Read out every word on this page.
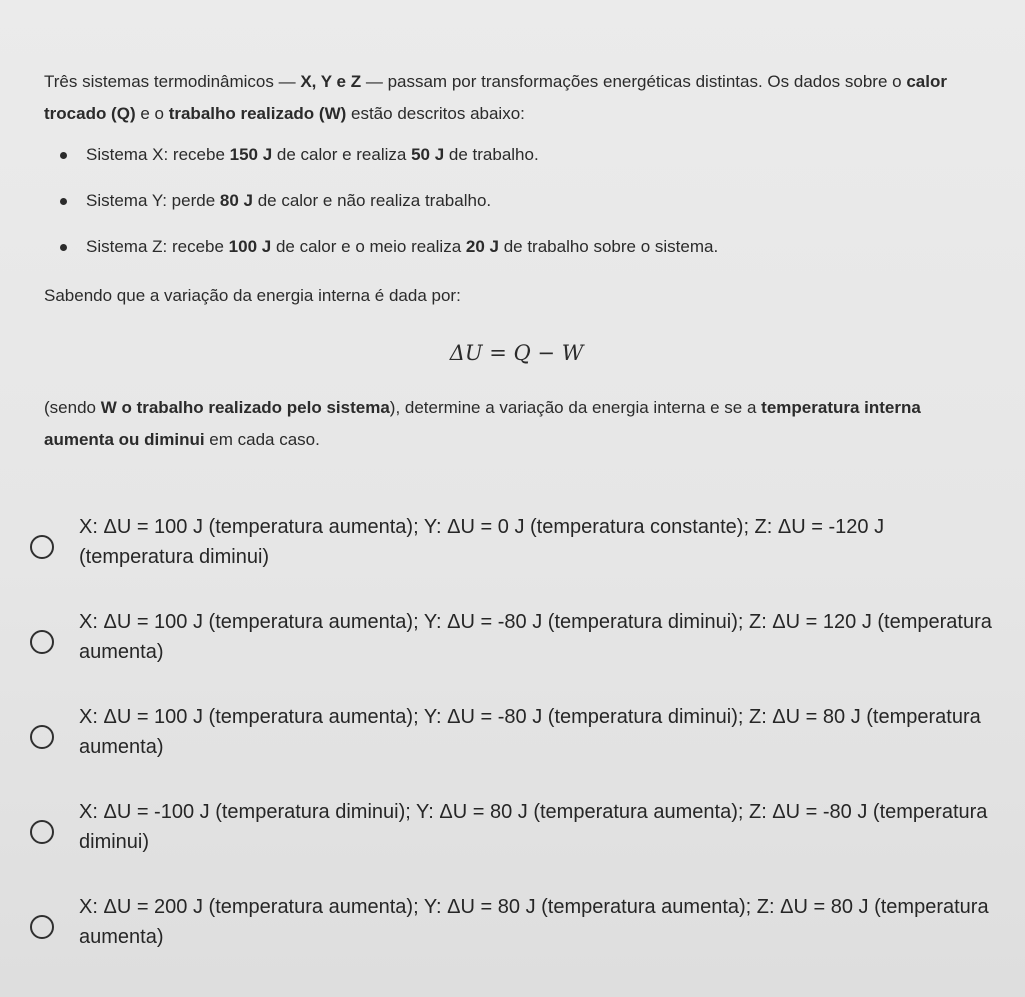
Três sistemas termodinâmicos — X, Y e Z — passam por transformações energéticas distintas. Os dados sobre o calor trocado (Q) e o trabalho realizado (W) estão descritos abaixo:

Sistema X: recebe 150 J de calor e realiza 50 J de trabalho.
Sistema Y: perde 80 J de calor e não realiza trabalho.
Sistema Z: recebe 100 J de calor e o meio realiza 20 J de trabalho sobre o sistema.

Sabendo que a variação da energia interna é dada por:

ΔU = Q − W

(sendo W o trabalho realizado pelo sistema), determine a variação da energia interna e se a temperatura interna aumenta ou diminui em cada caso.

X: ΔU = 100 J (temperatura aumenta); Y: ΔU = 0 J (temperatura constante); Z: ΔU = -120 J (temperatura diminui)
X: ΔU = 100 J (temperatura aumenta); Y: ΔU = -80 J (temperatura diminui); Z: ΔU = 120 J (temperatura aumenta)
X: ΔU = 100 J (temperatura aumenta); Y: ΔU = -80 J (temperatura diminui); Z: ΔU = 80 J (temperatura aumenta)
X: ΔU = -100 J (temperatura diminui); Y: ΔU = 80 J (temperatura aumenta); Z: ΔU = -80 J (temperatura diminui)
X: ΔU = 200 J (temperatura aumenta); Y: ΔU = 80 J (temperatura aumenta); Z: ΔU = 80 J (temperatura aumenta)
